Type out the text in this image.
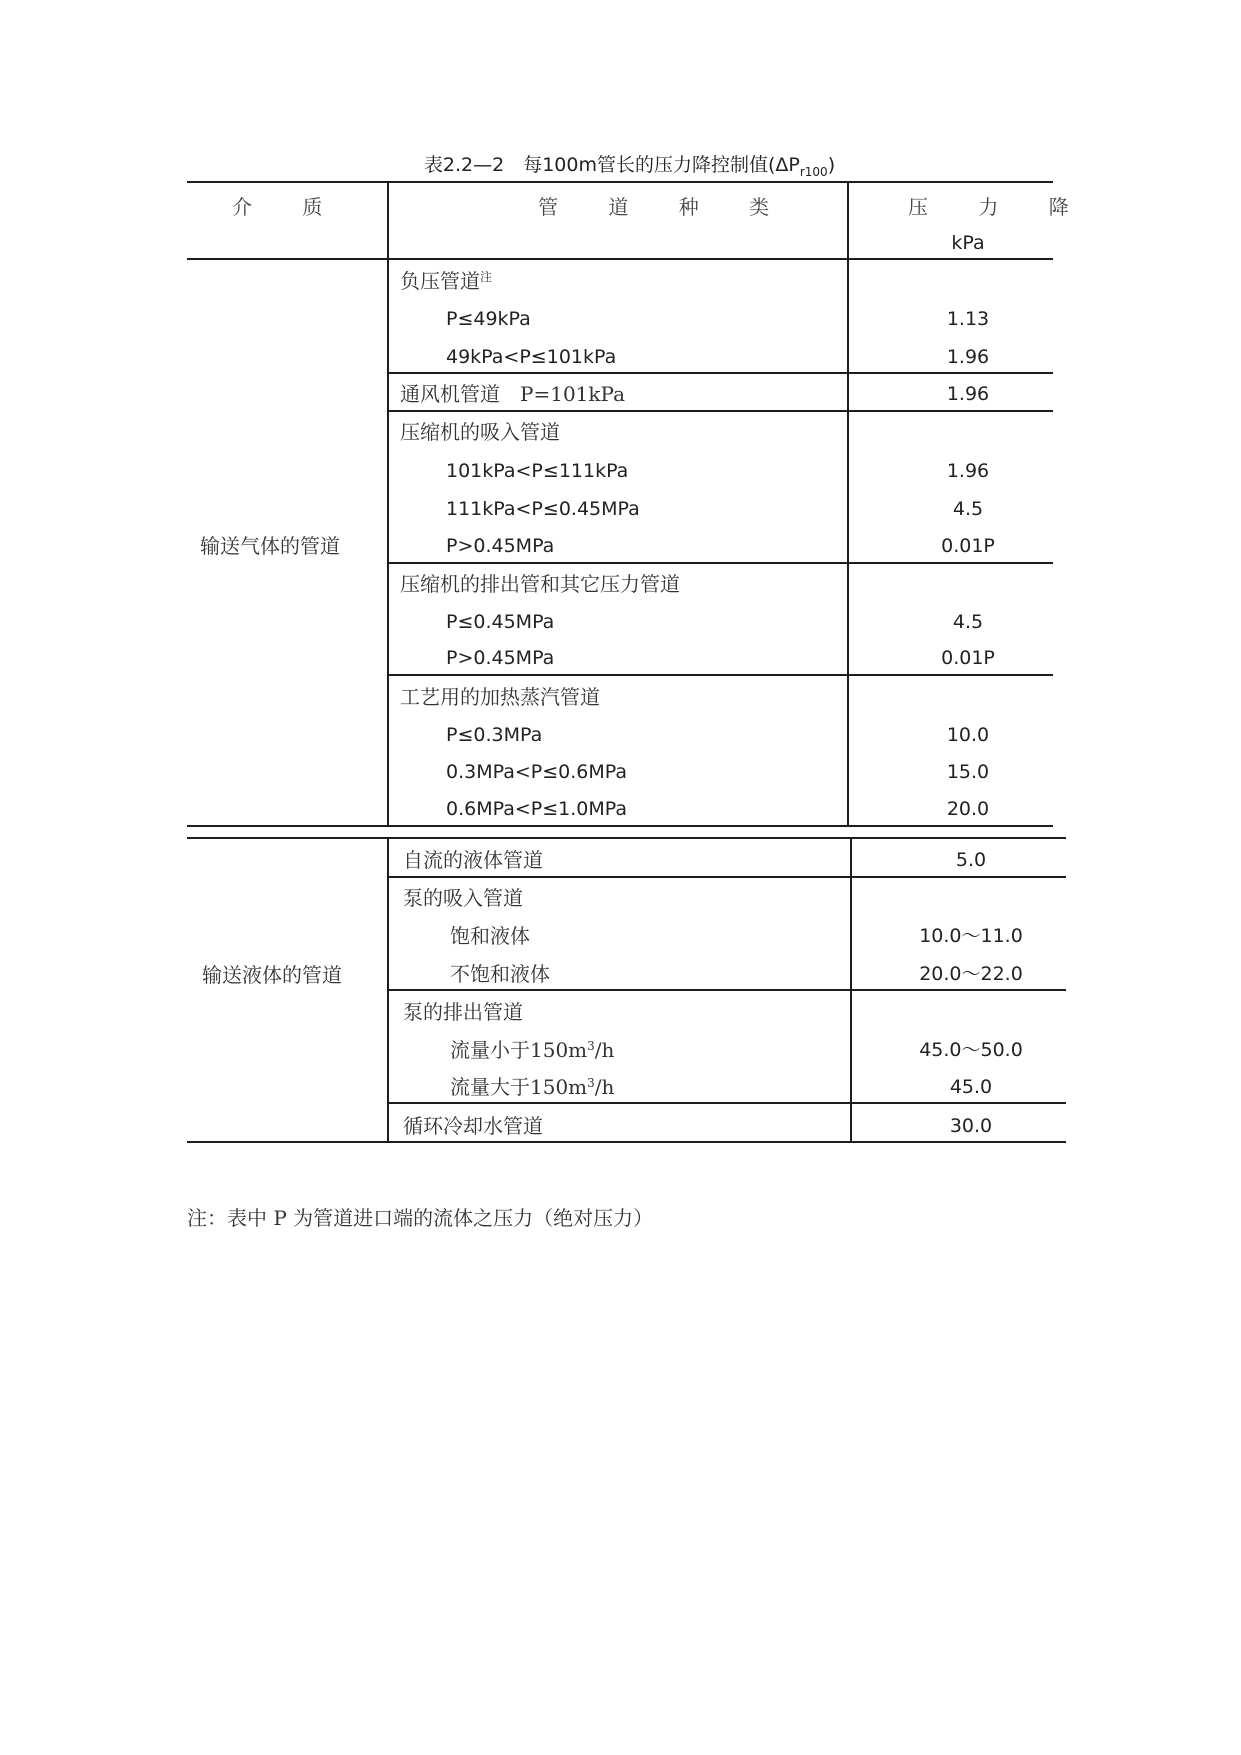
表2.2—2　每100m管长的压力降控制值$(\Delta P_{r100})$
介 质	管 道 种 类	压 力 降
kPa
输送气体的管道
负压管道$^注$
P≤49kPa	1.13
49kPa<P≤101kPa	1.96
通风机管道　P=101kPa	1.96
压缩机的吸入管道
101kPa<P≤111kPa	1.96
111kPa<P≤0.45MPa	4.5
P>0.45MPa	0.01P
压缩机的排出管和其它压力管道
P≤0.45MPa	4.5
P>0.45MPa	0.01P
工艺用的加热蒸汽管道
P≤0.3MPa	10.0
0.3MPa<P≤0.6MPa	15.0
0.6MPa<P≤1.0MPa	20.0
输送液体的管道
自流的液体管道	5.0
泵的吸入管道
饱和液体	10.0～11.0
不饱和液体	20.0～22.0
泵的排出管道
流量小于$150m^3/h$	45.0～50.0
流量大于$150m^3/h$	45.0
循环冷却水管道	30.0
注：表中 P 为管道进口端的流体之压力（绝对压力）
